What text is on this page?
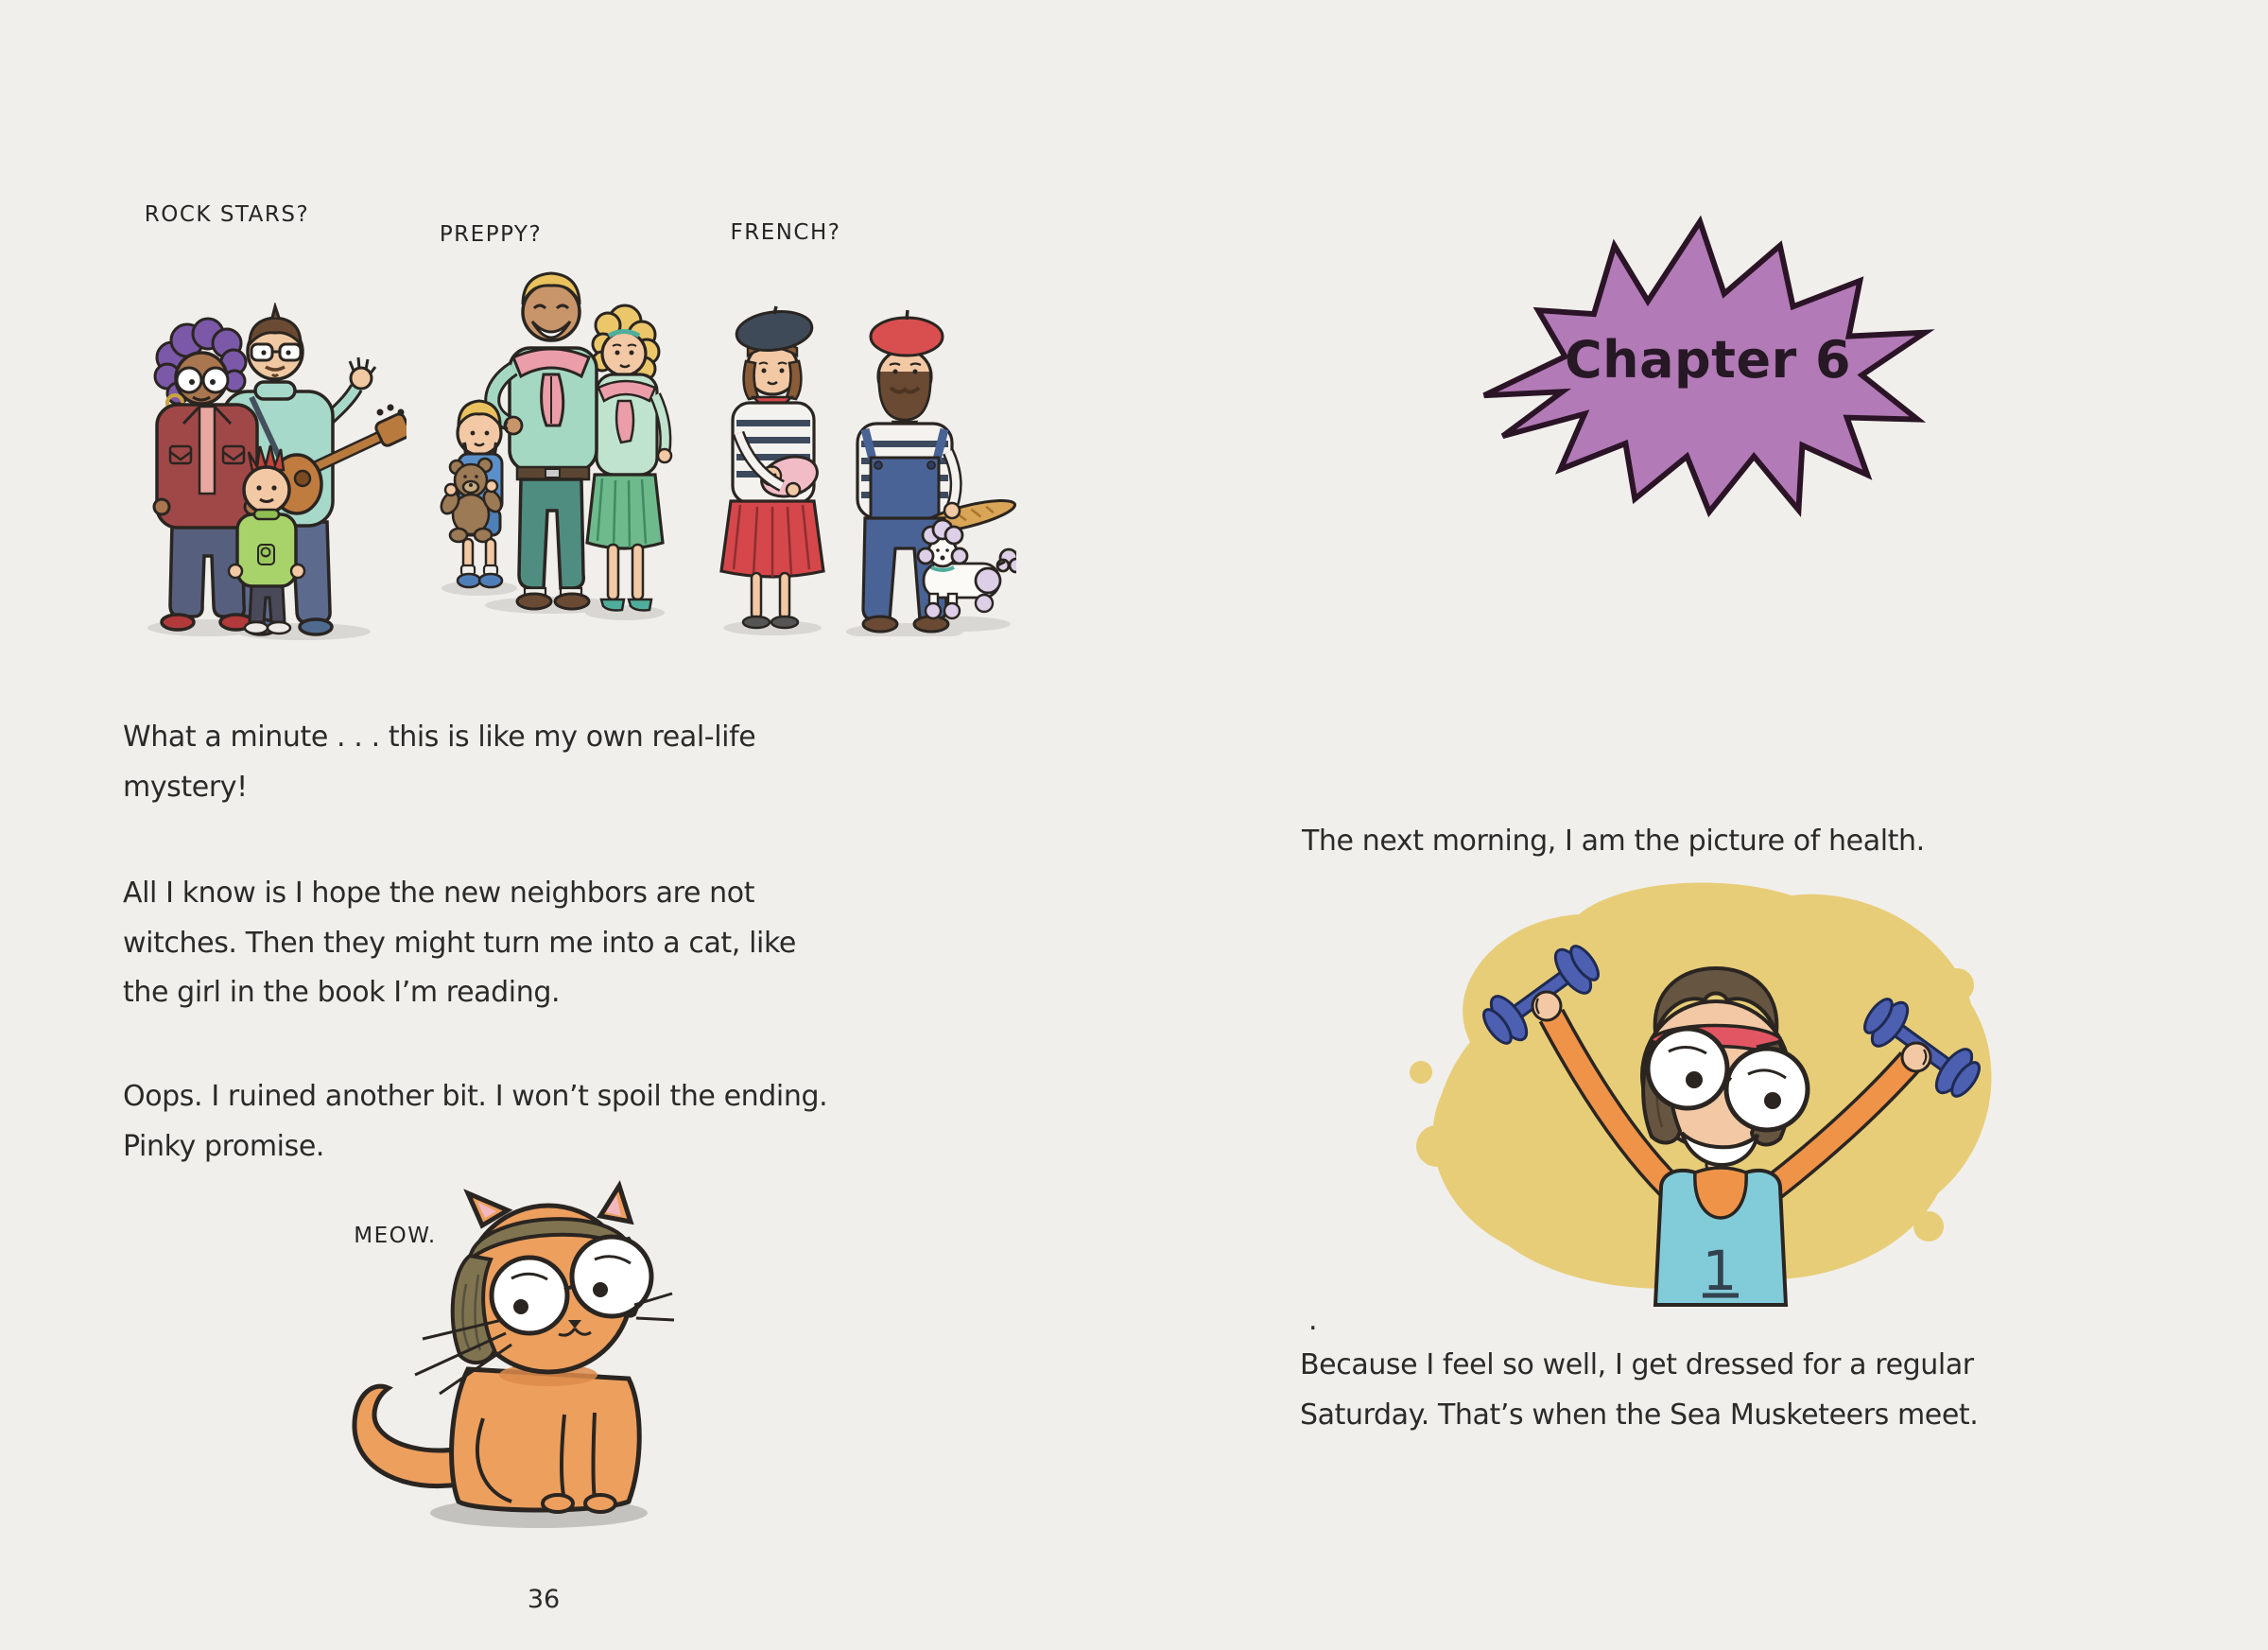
ROCK STARS?
PREPPY?	FRENCH?
What a minute . . . this is like my own real-life
mystery!
All I know is I hope the new neighbors are not
witches. Then they might turn me into a cat, like
the girl in the book I’m reading.
Oops. I ruined another bit. I won’t spoil the ending.
Pinky promise.
MEOW.
36
Chapter 6
The next morning, I am the picture of health.
1
.
Because I feel so well, I get dressed for a regular
Saturday. That’s when the Sea Musketeers meet.
